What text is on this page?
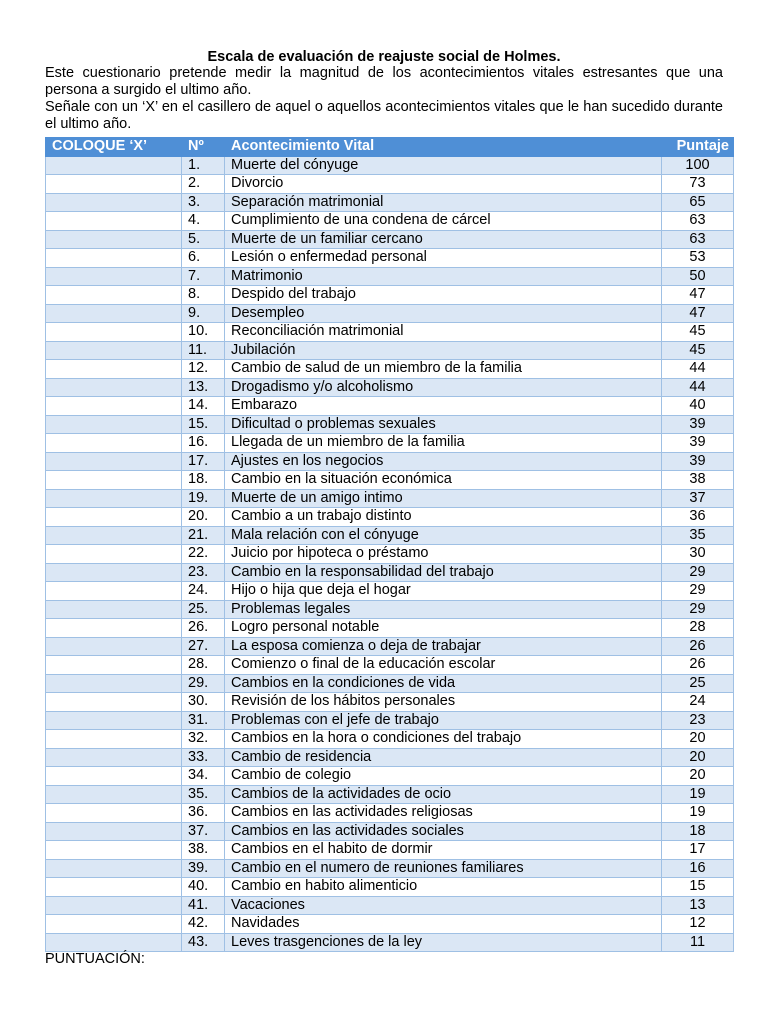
Escala de evaluación de reajuste social de Holmes.

Este cuestionario pretende medir la magnitud de los acontecimientos vitales estresantes que una persona a surgido el ultimo año.

Señale con un ‘X’ en el casillero de aquel o aquellos acontecimientos vitales que le han sucedido durante el ultimo año.

COLOQUE ‘X’	Nº	Acontecimiento Vital	Puntaje
	1.	Muerte del cónyuge	100
	2.	Divorcio	73
	3.	Separación matrimonial	65
	4.	Cumplimiento de una condena de cárcel	63
	5.	Muerte de un familiar cercano	63
	6.	Lesión o enfermedad personal	53
	7.	Matrimonio	50
	8.	Despido del trabajo	47
	9.	Desempleo	47
	10.	Reconciliación matrimonial	45
	11.	Jubilación	45
	12.	Cambio de salud de un miembro de la familia	44
	13.	Drogadismo y/o alcoholismo	44
	14.	Embarazo	40
	15.	Dificultad o problemas sexuales	39
	16.	Llegada de un miembro de la familia	39
	17.	Ajustes en los negocios	39
	18.	Cambio en la situación económica	38
	19.	Muerte de un amigo intimo	37
	20.	Cambio a un trabajo distinto	36
	21.	Mala relación con el cónyuge	35
	22.	Juicio por hipoteca o préstamo	30
	23.	Cambio en la responsabilidad del trabajo	29
	24.	Hijo o hija que deja el hogar	29
	25.	Problemas legales	29
	26.	Logro personal notable	28
	27.	La esposa comienza o deja de trabajar	26
	28.	Comienzo o final de la educación escolar	26
	29.	Cambios en la condiciones de vida	25
	30.	Revisión de los hábitos personales	24
	31.	Problemas con el jefe de trabajo	23
	32.	Cambios en la hora o condiciones del trabajo	20
	33.	Cambio de residencia	20
	34.	Cambio de colegio	20
	35.	Cambios de la actividades de ocio	19
	36.	Cambios en las actividades religiosas	19
	37.	Cambios en las actividades sociales	18
	38.	Cambios en el habito de dormir	17
	39.	Cambio en el numero de reuniones familiares	16
	40.	Cambio en habito alimenticio	15
	41.	Vacaciones	13
	42.	Navidades	12
	43.	Leves trasgenciones de la ley	11
PUNTUACIÓN:
